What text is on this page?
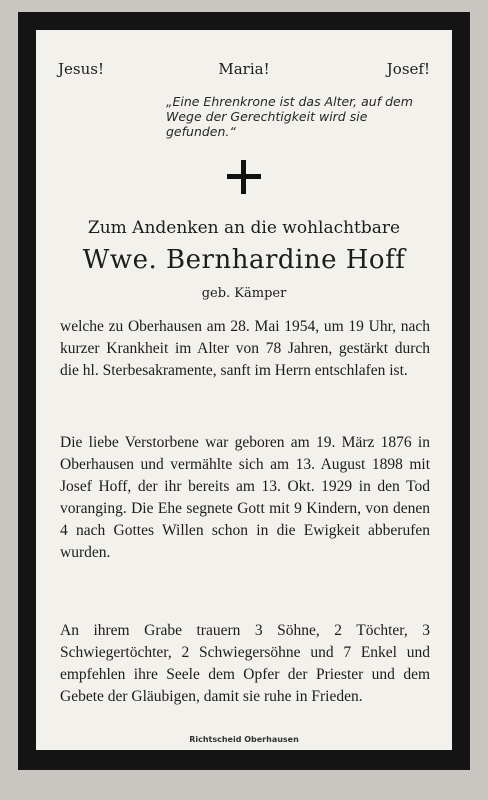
Jesus!	Maria!	Josef!
„Eine Ehrenkrone ist das Alter, auf dem Wege der Gerechtigkeit wird sie gefunden.“
Zum Andenken an die wohlachtbare
Wwe. Bernhardine Hoff
geb. Kämper
welche zu Oberhausen am 28. Mai 1954, um 19 Uhr, nach kurzer Krankheit im Alter von 78 Jahren, gestärkt durch die hl. Sterbesakramente, sanft im Herrn entschlafen ist.
Die liebe Verstorbene war geboren am 19. März 1876 in Oberhausen und vermählte sich am 13. August 1898 mit Josef Hoff, der ihr bereits am 13. Okt. 1929 in den Tod voranging. Die Ehe segnete Gott mit 9 Kindern, von denen 4 nach Gottes Willen schon in die Ewigkeit abberufen wurden.
An ihrem Grabe trauern 3 Söhne, 2 Töchter, 3 Schwiegertöchter, 2 Schwiegersöhne und 7 Enkel und empfehlen ihre Seele dem Opfer der Priester und dem Gebete der Gläubigen, damit sie ruhe in Frieden.
Richtscheid Oberhausen
